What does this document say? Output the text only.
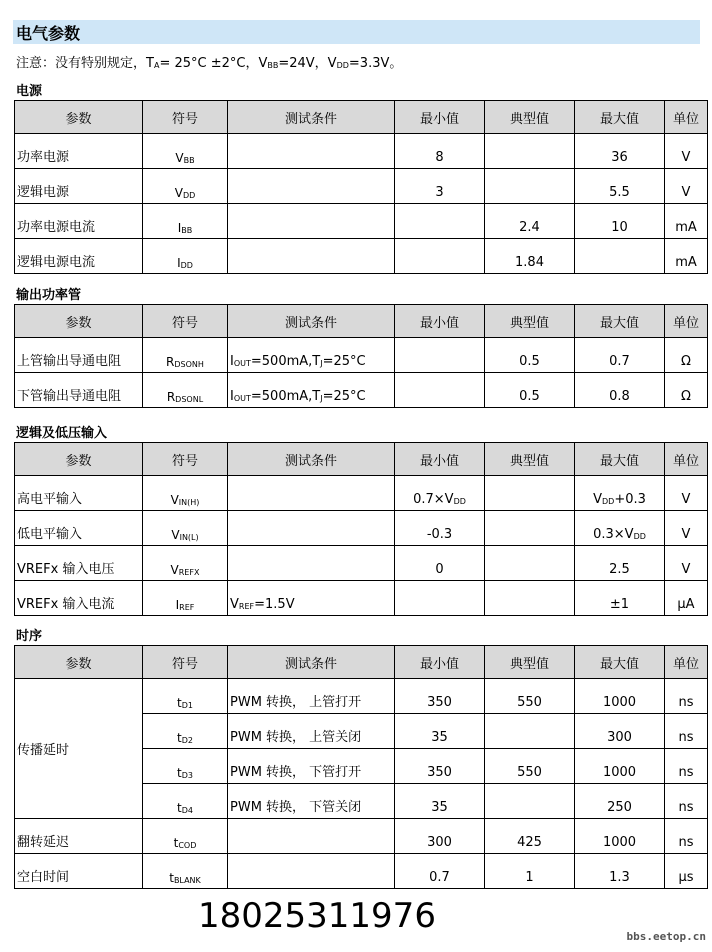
电气参数
注意：没有特别规定，$T_A= 25^\circ C \pm 2^\circ C$，$V_{BB}=24V$，$V_{DD}=3.3V$。
电源
参数	符号	测试条件	最小值	典型值	最大值	单位
功率电源	$V_{BB}$		8		36	V
逻辑电源	$V_{DD}$		3		5.5	V
功率电源电流	$I_{BB}$			2.4	10	mA
逻辑电源电流	$I_{DD}$			1.84		mA
输出功率管
参数	符号	测试条件	最小值	典型值	最大值	单位
上管输出导通电阻	$R_{DSONH}$	$I_{OUT}=500mA,T_J=25^\circ C$		0.5	0.7	Ω
下管输出导通电阻	$R_{DSONL}$	$I_{OUT}=500mA,T_J=25^\circ C$		0.5	0.8	Ω
逻辑及低压输入
参数	符号	测试条件	最小值	典型值	最大值	单位
高电平输入	$V_{IN(H)}$		$0.7\times V_{DD}$		$V_{DD}+0.3$	V
低电平输入	$V_{IN(L)}$		-0.3		$0.3\times V_{DD}$	V
VREFx 输入电压	$V_{REFX}$		0		2.5	V
VREFx 输入电流	$I_{REF}$	$V_{REF}=1.5V$			±1	μA
时序
参数	符号	测试条件	最小值	典型值	最大值	单位
传播延时	$t_{D1}$	PWM 转换， 上管打开	350	550	1000	ns
	$t_{D2}$	PWM 转换， 上管关闭	35		300	ns
	$t_{D3}$	PWM 转换， 下管打开	350	550	1000	ns
	$t_{D4}$	PWM 转换， 下管关闭	35		250	ns
翻转延迟	$t_{COD}$		300	425	1000	ns
空白时间	$t_{BLANK}$		0.7	1	1.3	μs
18025311976
bbs.eetop.cn
